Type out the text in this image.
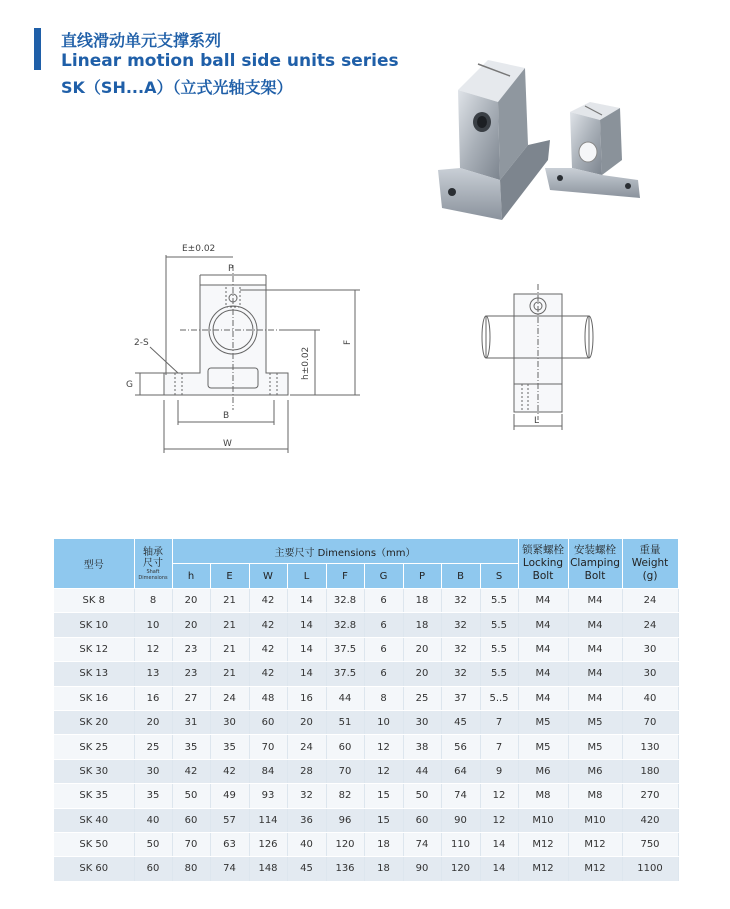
直线滑动单元支撑系列
Linear motion ball side units series
SK（SH...A）（立式光轴支架）
E±0.02
P
2-S
G
h±0.02
F
B
W
L
型号	轴承
尺寸
Shaft
Dimensions	主要尺寸 Dimensions（mm）									锁紧螺栓
Locking
Bolt	安装螺栓
Clamping
Bolt	重量
Weight
(g)
		h	E	W	L	F	G	P	B	S			
SK 8	8	20	21	42	14	32.8	6	18	32	5.5	M4	M4	24
SK 10	10	20	21	42	14	32.8	6	18	32	5.5	M4	M4	24
SK 12	12	23	21	42	14	37.5	6	20	32	5.5	M4	M4	30
SK 13	13	23	21	42	14	37.5	6	20	32	5.5	M4	M4	30
SK 16	16	27	24	48	16	44	8	25	37	5..5	M4	M4	40
SK 20	20	31	30	60	20	51	10	30	45	7	M5	M5	70
SK 25	25	35	35	70	24	60	12	38	56	7	M5	M5	130
SK 30	30	42	42	84	28	70	12	44	64	9	M6	M6	180
SK 35	35	50	49	93	32	82	15	50	74	12	M8	M8	270
SK 40	40	60	57	114	36	96	15	60	90	12	M10	M10	420
SK 50	50	70	63	126	40	120	18	74	110	14	M12	M12	750
SK 60	60	80	74	148	45	136	18	90	120	14	M12	M12	1100
